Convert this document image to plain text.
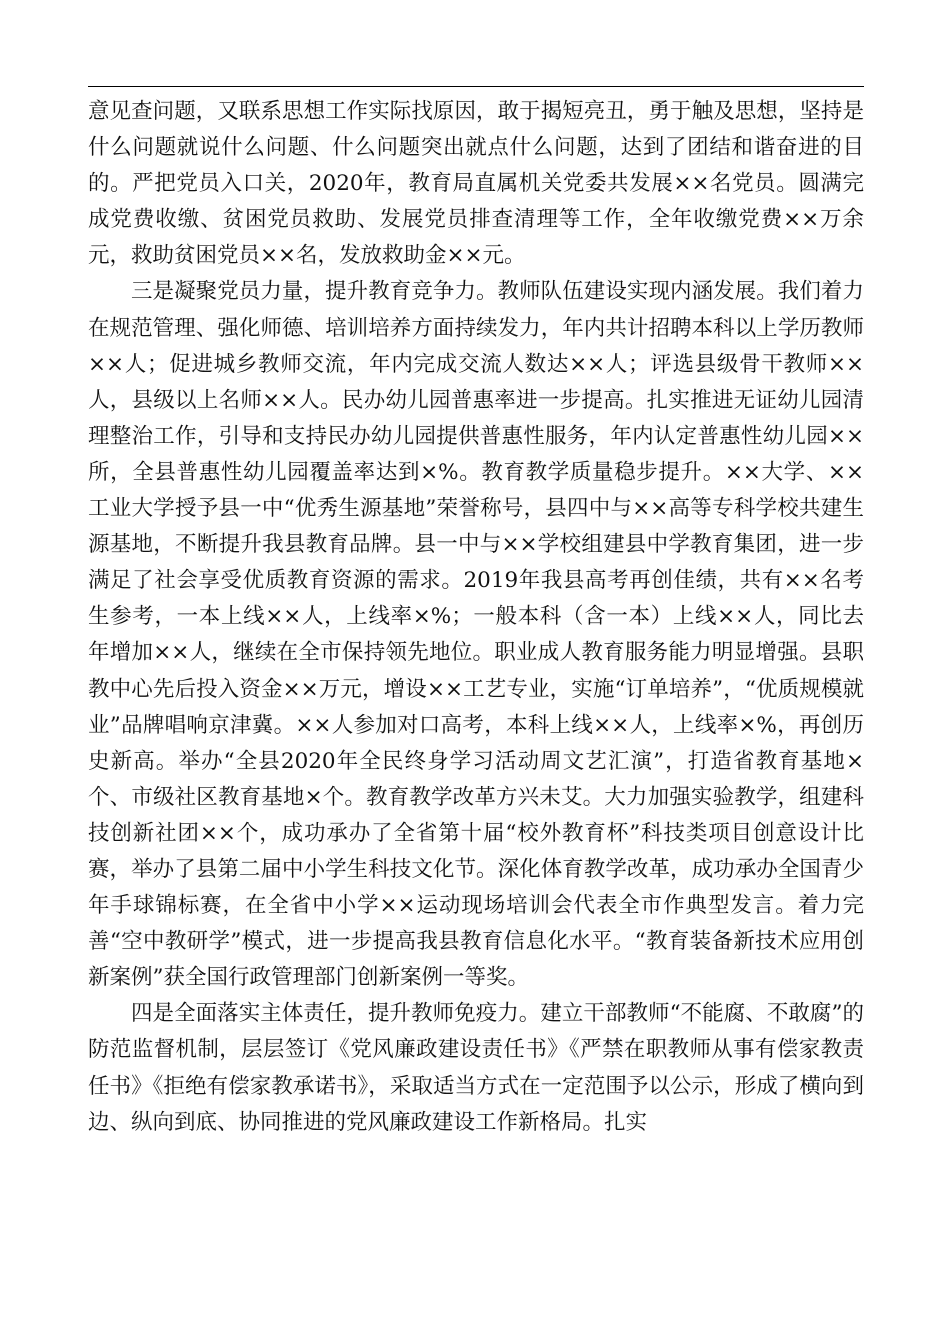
意见查问题，又联系思想工作实际找原因，敢于揭短亮丑，勇于触及思想，坚持是什么问题就说什么问题、什么问题突出就点什么问题，达到了团结和谐奋进的目的。严把党员入口关，2020年，教育局直属机关党委共发展××名党员。圆满完成党费收缴、贫困党员救助、发展党员排查清理等工作，全年收缴党费××万余元，救助贫困党员××名，发放救助金××元。

三是凝聚党员力量，提升教育竞争力。教师队伍建设实现内涵发展。我们着力在规范管理、强化师德、培训培养方面持续发力，年内共计招聘本科以上学历教师××人；促进城乡教师交流，年内完成交流人数达××人；评选县级骨干教师××人，县级以上名师××人。民办幼儿园普惠率进一步提高。扎实推进无证幼儿园清理整治工作，引导和支持民办幼儿园提供普惠性服务，年内认定普惠性幼儿园××所，全县普惠性幼儿园覆盖率达到×%。教育教学质量稳步提升。××大学、××工业大学授予县一中“优秀生源基地”荣誉称号，县四中与××高等专科学校共建生源基地，不断提升我县教育品牌。县一中与××学校组建县中学教育集团，进一步满足了社会享受优质教育资源的需求。2019年我县高考再创佳绩，共有××名考生参考，一本上线××人，上线率×%；一般本科（含一本）上线××人，同比去年增加××人，继续在全市保持领先地位。职业成人教育服务能力明显增强。县职教中心先后投入资金××万元，增设××工艺专业，实施“订单培养”，“优质规模就业”品牌唱响京津冀。××人参加对口高考，本科上线××人，上线率×%，再创历史新高。举办“全县2020年全民终身学习活动周文艺汇演”，打造省教育基地×个、市级社区教育基地×个。教育教学改革方兴未艾。大力加强实验教学，组建科技创新社团××个，成功承办了全省第十届“校外教育杯”科技类项目创意设计比赛，举办了县第二届中小学生科技文化节。深化体育教学改革，成功承办全国青少年手球锦标赛，在全省中小学××运动现场培训会代表全市作典型发言。着力完善“空中教研学”模式，进一步提高我县教育信息化水平。“教育装备新技术应用创新案例”获全国行政管理部门创新案例一等奖。

四是全面落实主体责任，提升教师免疫力。建立干部教师“不能腐、不敢腐”的防范监督机制，层层签订《党风廉政建设责任书》《严禁在职教师从事有偿家教责任书》《拒绝有偿家教承诺书》，采取适当方式在一定范围予以公示，形成了横向到边、纵向到底、协同推进的党风廉政建设工作新格局。扎实
